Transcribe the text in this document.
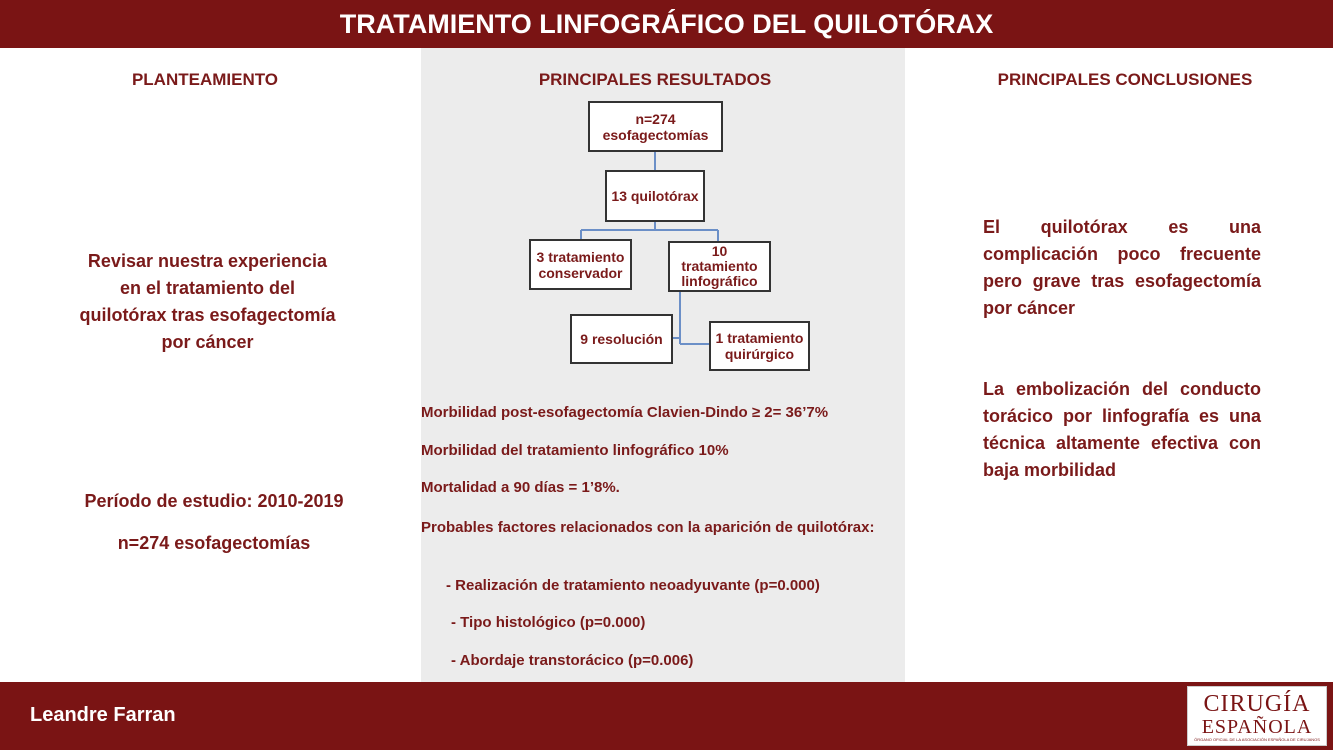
TRATAMIENTO LINFOGRÁFICO DEL QUILOTÓRAX
PLANTEAMIENTO	PRINCIPALES RESULTADOS	PRINCIPALES CONCLUSIONES
Revisar nuestra experiencia
en el tratamiento del
quilotórax tras esofagectomía
por cáncer
Período de estudio: 2010-2019
n=274 esofagectomías
n=274
esofagectomías
13 quilotórax
3 tratamiento
conservador
10
tratamiento
linfográfico
9 resolución	1 tratamiento
quirúrgico
Morbilidad post-esofagectomía Clavien-Dindo ≥ 2= 36’7%
Morbilidad del tratamiento linfográfico 10%
Mortalidad a 90 días = 1’8%.
Probables factores relacionados con la aparición de quilotórax:
- Realización de tratamiento neoadyuvante (p=0.000)
- Tipo histológico (p=0.000)
- Abordaje transtorácico (p=0.006)
El quilotórax es una complicación poco frecuente pero grave tras esofagectomía por cáncer
La embolización del conducto torácico por linfografía es una técnica altamente efectiva con baja morbilidad
Leandre Farran	CIRUGÍA
ESPAÑOLA
ÓRGANO OFICIAL DE LA ASOCIACIÓN ESPAÑOLA DE CIRUJANOS
